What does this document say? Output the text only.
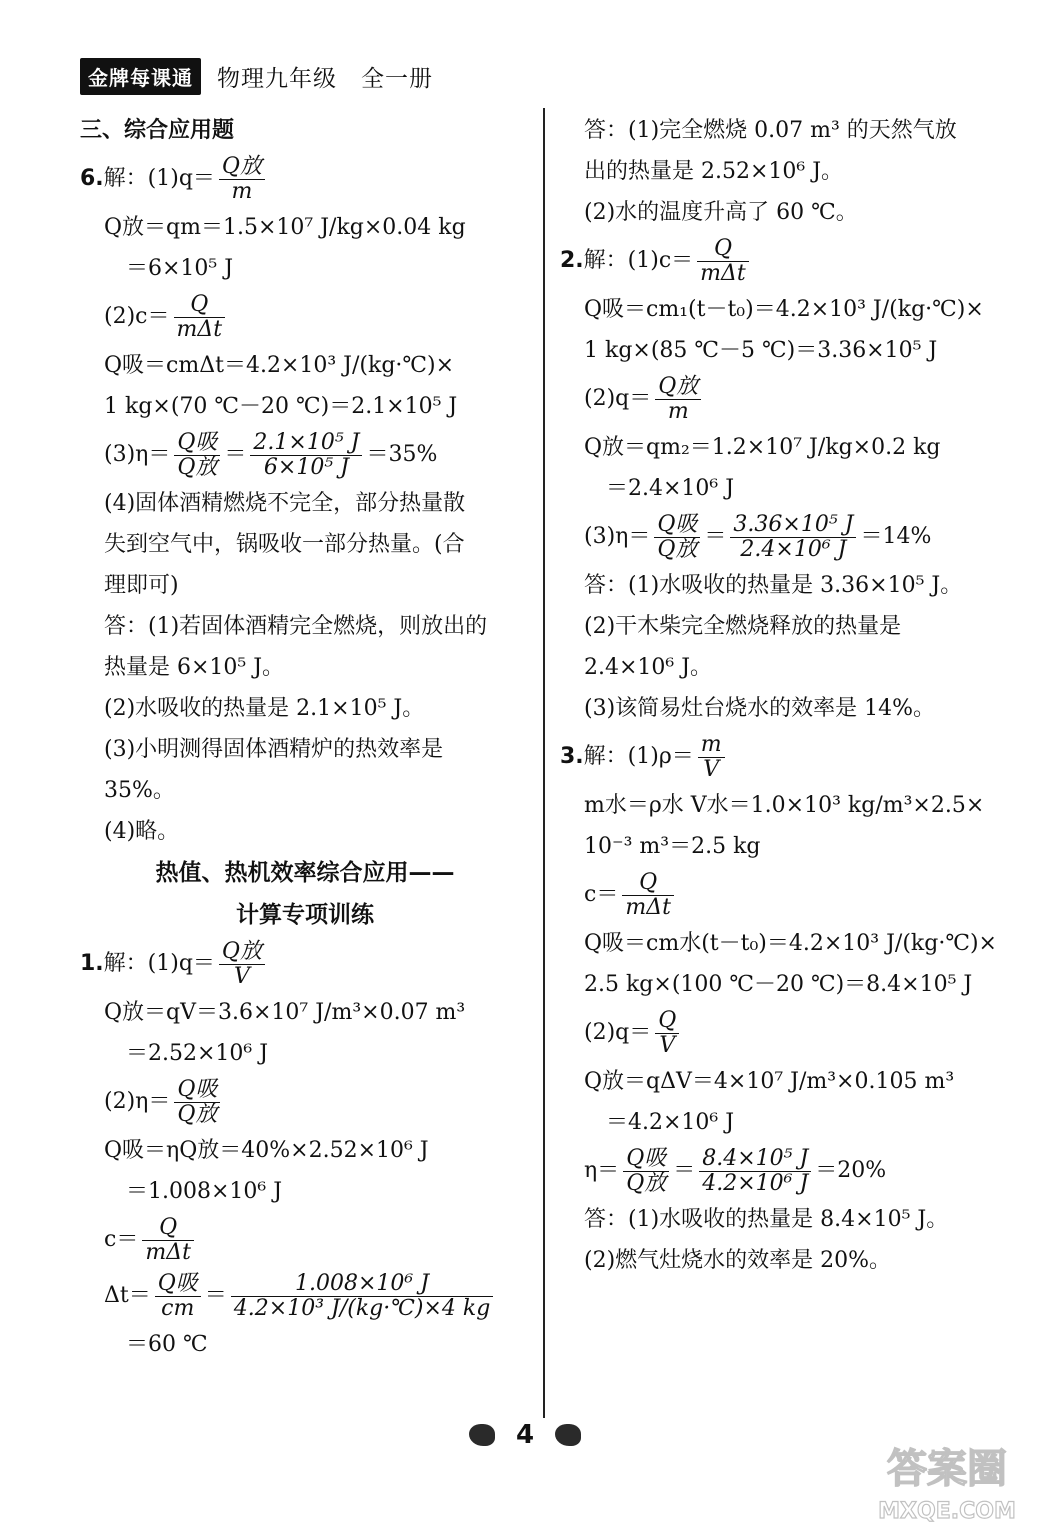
金牌每课通	物理九年级　全一册
三、综合应用题
6.解：$(1)q= \frac{\text{Q放}}{m}$
Q放＝qm＝1.5×10⁷ J/kg×0.04 kg
＝6×10⁵ J
$(2)c= \frac{Q}{\text{mΔt}}$
Q吸＝cmΔt＝4.2×10³ J/(kg·℃)×
1 kg×(70 ℃－20 ℃)＝2.1×10⁵ J
$(3)\eta= \frac{\text{Q吸}}{\text{Q放}} = \frac{\text{2.1×10⁵ J}}{\text{6×10⁵ J}} =35\%$
(4)固体酒精燃烧不完全，部分热量散
失到空气中，锅吸收一部分热量。(合
理即可)
答：(1)若固体酒精完全燃烧，则放出的
热量是 6×10⁵ J。
(2)水吸收的热量是 2.1×10⁵ J。
(3)小明测得固体酒精炉的热效率是
35%。
(4)略。
热值、热机效率综合应用——
计算专项训练
1.解：$(1)q= \frac{\text{Q放}}{V}$
Q放＝qV＝3.6×10⁷ J/m³×0.07 m³
＝2.52×10⁶ J
$(2)\eta= \frac{\text{Q吸}}{\text{Q放}}$
Q吸＝ηQ放＝40%×2.52×10⁶ J
＝1.008×10⁶ J
$c= \frac{Q}{\text{mΔt}}$
$\Delta t= \frac{\text{Q吸}}{cm} = \frac{\text{1.008×10⁶ J}}{\text{4.2×10³ J/(kg·℃)×4 kg}}$
＝60 ℃
答：(1)完全燃烧 0.07 m³ 的天然气放
出的热量是 2.52×10⁶ J。
(2)水的温度升高了 60 ℃。
2.解：$(1)c= \frac{Q}{\text{mΔt}}$
Q吸＝cm₁(t－t₀)＝4.2×10³ J/(kg·℃)×
1 kg×(85 ℃－5 ℃)＝3.36×10⁵ J
$(2)q= \frac{\text{Q放}}{m}$
Q放＝qm₂＝1.2×10⁷ J/kg×0.2 kg
＝2.4×10⁶ J
$(3)\eta= \frac{\text{Q吸}}{\text{Q放}} = \frac{\text{3.36×10⁵ J}}{\text{2.4×10⁶ J}} =14\%$
答：(1)水吸收的热量是 3.36×10⁵ J。
(2)干木柴完全燃烧释放的热量是
2.4×10⁶ J。
(3)该简易灶台烧水的效率是 14%。
3.解：$(1)\rho= \frac{m}{V}$
m水＝ρ水 V水＝1.0×10³ kg/m³×2.5×
10⁻³ m³＝2.5 kg
$c= \frac{Q}{\text{mΔt}}$
Q吸＝cm水(t－t₀)＝4.2×10³ J/(kg·℃)×
2.5 kg×(100 ℃－20 ℃)＝8.4×10⁵ J
$(2)q= \frac{Q}{V}$
Q放＝qΔV＝4×10⁷ J/m³×0.105 m³
＝4.2×10⁶ J
$\eta= \frac{\text{Q吸}}{\text{Q放}} = \frac{\text{8.4×10⁵ J}}{\text{4.2×10⁶ J}} =20\%$
答：(1)水吸收的热量是 8.4×10⁵ J。
(2)燃气灶烧水的效率是 20%。
4
答案圈
MXQE.COM
